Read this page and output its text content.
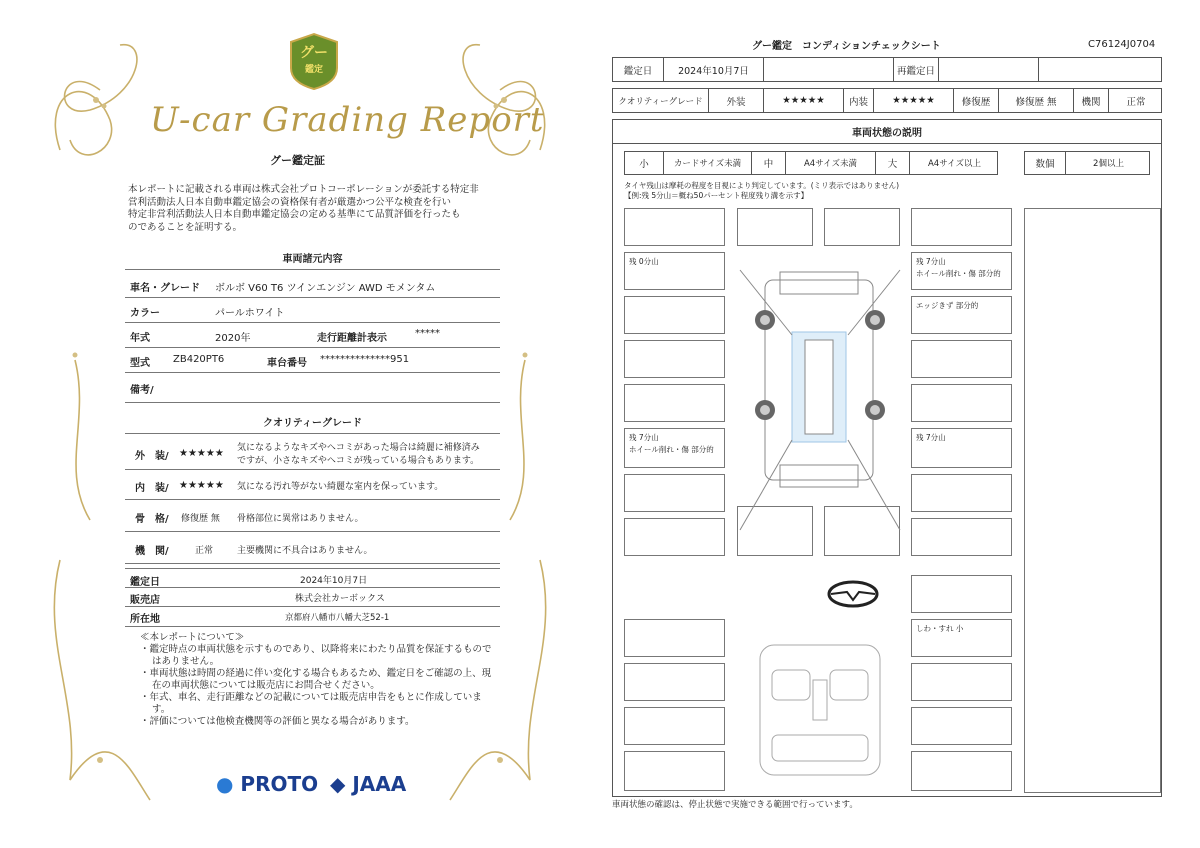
グー
鑑定
U-car Grading Report
グー鑑定証
本レポートに記載される車両は株式会社プロトコーポレーションが委託する特定非
営利活動法人日本自動車鑑定協会の資格保有者が厳選かつ公平な検査を行い
特定非営利活動法人日本自動車鑑定協会の定める基準にて品質評価を行ったも
のであることを証明する。
車両諸元内容
車名・グレード ボルボ V60 T6 ツインエンジン AWD モメンタム
カラー	パールホワイト
年式	2020年	走行距離計表示	*****
型式 ZB420PT6	車台番号 **************951
備考/
クオリティーグレード
外　装/ ★★★★★ 気になるようなキズやヘコミがあった場合は綺麗に補修済み
ですが、小さなキズやヘコミが残っている場合もあります。
内　装/ ★★★★★ 気になる汚れ等がない綺麗な室内を保っています。
骨　格/ 修復歴 無 骨格部位に異常はありません。
機　関/	正常	主要機関に不具合はありません。
鑑定日	2024年10月7日
販売店	株式会社カーボックス
所在地	京都府八幡市八幡大芝52-1
≪本レポートについて≫
・鑑定時点の車両状態を示すものであり、以降将来にわたり品質を保証するものではありません。
・車両状態は時間の経過に伴い変化する場合もあるため、鑑定日をご確認の上、現在の車両状態については販売店にお問合せください。
・年式、車名、走行距離などの記載については販売店申告をもとに作成しています。
・評価については他検査機関等の評価と異なる場合があります。
● PROTO ◆ JAAA
グー鑑定　コンディションチェックシート	C76124J0704
鑑定日	2024年10月7日	再鑑定日
クオリティーグレード	外装	★★★★★	内装	★★★★★	修復歴	修復歴 無	機関	正常
車両状態の説明
小	カードサイズ未満	中	A4サイズ未満	大	A4サイズ以上	数個	2個以上
タイヤ残山は摩耗の程度を目視により判定しています。(ミリ表示ではありません)
【例:残 5分山＝概ね50パーセント程度残り溝を示す】
残 0分山
残 7分山
ホイール削れ・傷 部分的
残 7分山
ホイール削れ・傷 部分的
エッジきず 部分的
残 7分山
しわ・すれ 小
車両状態の確認は、停止状態で実施できる範囲で行っています。
